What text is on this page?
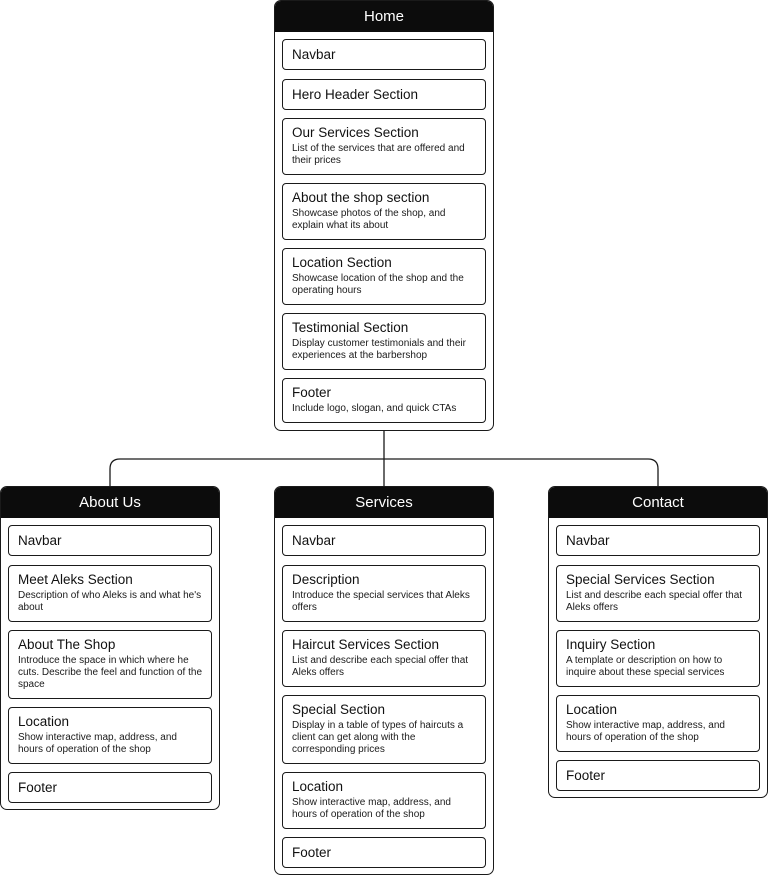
Home
Navbar
Hero Header Section
Our Services Section
List of the services that are offered and their prices
About the shop section
Showcase photos of the shop, and explain what its about
Location Section
Showcase location of the shop and the operating hours
Testimonial Section
Display customer testimonials and their experiences at the barbershop
Footer
Include logo, slogan, and quick CTAs
About Us
Navbar
Meet Aleks Section
Description of who Aleks is and what he's about
About The Shop
Introduce the space in which where he cuts. Describe the feel and function of the space
Location
Show interactive map, address, and hours of operation of the shop
Footer
Services
Navbar
Description
Introduce the special services that Aleks offers
Haircut Services Section
List and describe each special offer that Aleks offers
Special Section
Display in a table of types of haircuts a client can get along with the corresponding prices
Location
Show interactive map, address, and hours of operation of the shop
Footer
Contact
Navbar
Special Services Section
List and describe each special offer that Aleks offers
Inquiry Section
A template or description on how to inquire about these special services
Location
Show interactive map, address, and hours of operation of the shop
Footer
